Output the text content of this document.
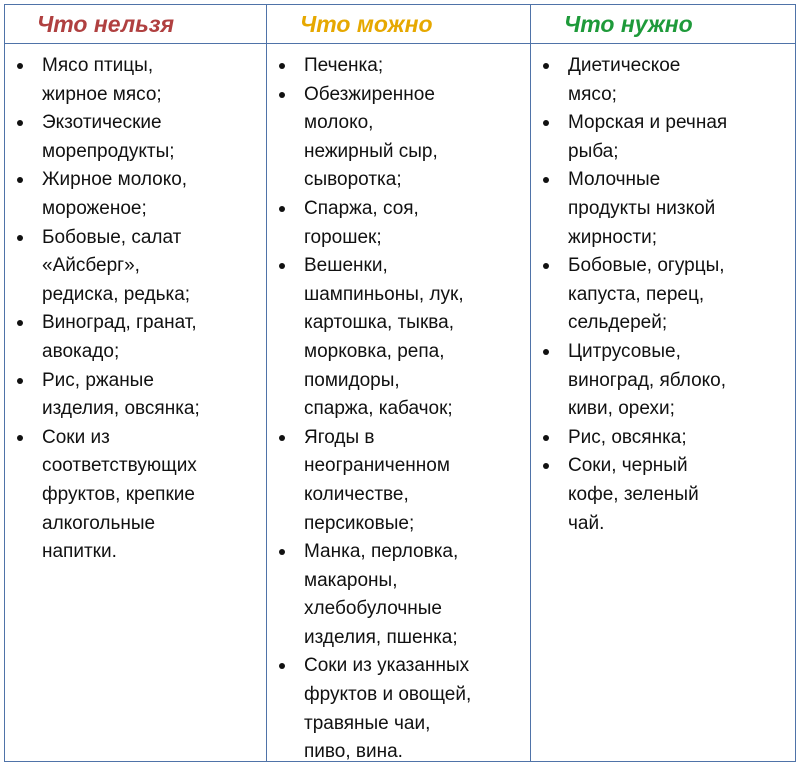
Что нельзя
Мясо птицы,
жирное мясо;
Экзотические
морепродукты;
Жирное молоко,
мороженое;
Бобовые, салат
«Айсберг»,
редиска, редька;
Виноград, гранат,
авокадо;
Рис, ржаные
изделия, овсянка;
Соки из
соответствующих
фруктов, крепкие
алкогольные
напитки.
Что можно
Печенка;
Обезжиренное
молоко,
нежирный сыр,
сыворотка;
Спаржа, соя,
горошек;
Вешенки,
шампиньоны, лук,
картошка, тыква,
морковка, репа,
помидоры,
спаржа, кабачок;
Ягоды в
неограниченном
количестве,
персиковые;
Манка, перловка,
макароны,
хлебобулочные
изделия, пшенка;
Соки из указанных
фруктов и овощей,
травяные чаи,
пиво, вина.
Что нужно
Диетическое
мясо;
Морская и речная
рыба;
Молочные
продукты низкой
жирности;
Бобовые, огурцы,
капуста, перец,
сельдерей;
Цитрусовые,
виноград, яблоко,
киви, орехи;
Рис, овсянка;
Соки, черный
кофе, зеленый
чай.
